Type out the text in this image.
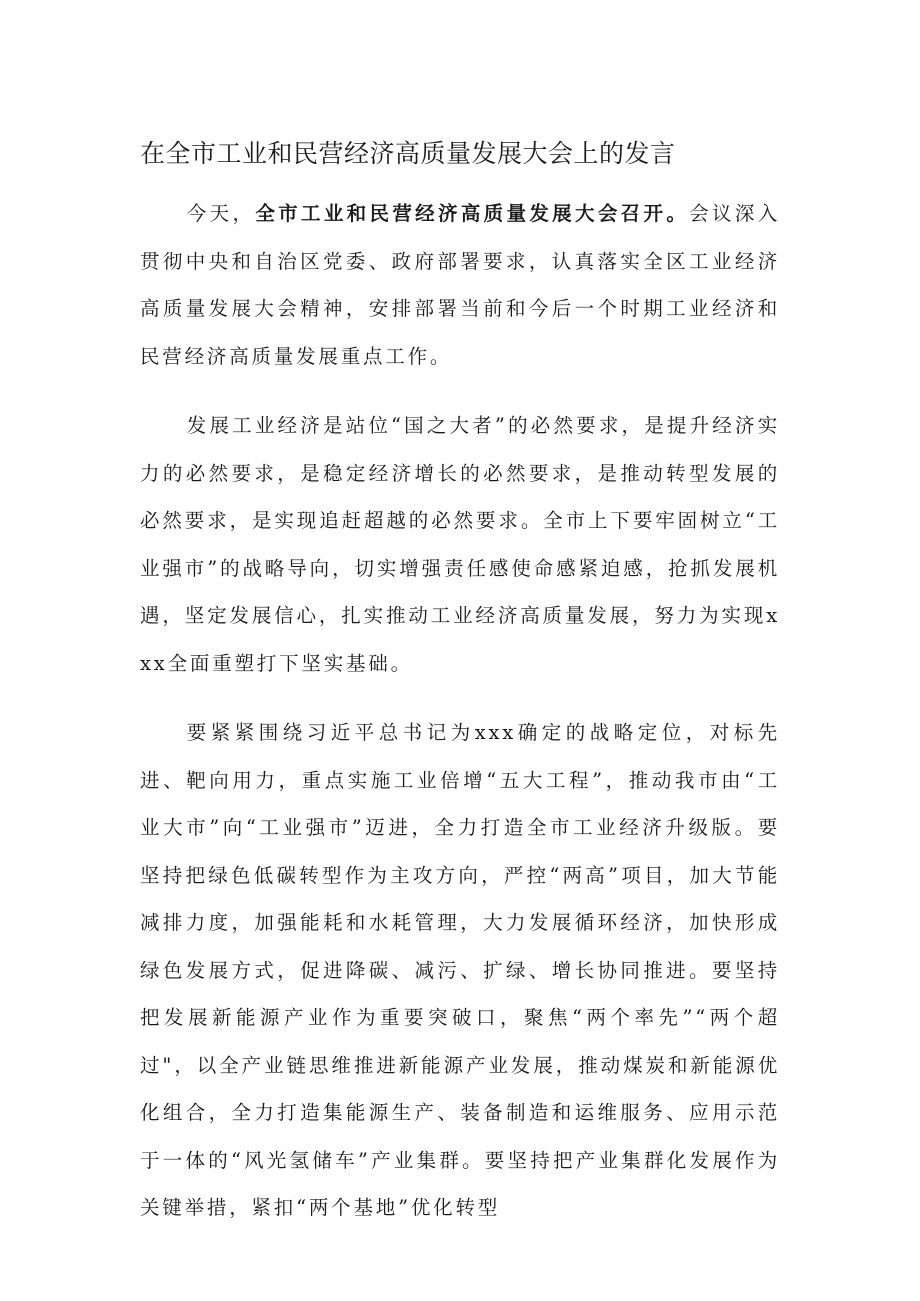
在全市工业和民营经济高质量发展大会上的发言

今天，全市工业和民营经济高质量发展大会召开。会议深入贯彻中央和自治区党委、政府部署要求，认真落实全区工业经济高质量发展大会精神，安排部署当前和今后一个时期工业经济和民营经济高质量发展重点工作。

发展工业经济是站位“国之大者”的必然要求，是提升经济实力的必然要求，是稳定经济增长的必然要求，是推动转型发展的必然要求，是实现追赶超越的必然要求。全市上下要牢固树立“工业强市”的战略导向，切实增强责任感使命感紧迫感，抢抓发展机遇，坚定发展信心，扎实推动工业经济高质量发展，努力为实现xxx全面重塑打下坚实基础。

要紧紧围绕习近平总书记为xxx确定的战略定位，对标先进、靶向用力，重点实施工业倍增“五大工程”，推动我市由“工业大市”向“工业强市”迈进，全力打造全市工业经济升级版。要坚持把绿色低碳转型作为主攻方向，严控“两高”项目，加大节能减排力度，加强能耗和水耗管理，大力发展循环经济，加快形成绿色发展方式，促进降碳、减污、扩绿、增长协同推进。要坚持把发展新能源产业作为重要突破口，聚焦“两个率先”“两个超过"，以全产业链思维推进新能源产业发展，推动煤炭和新能源优化组合，全力打造集能源生产、装备制造和运维服务、应用示范于一体的“风光氢储车”产业集群。要坚持把产业集群化发展作为关键举措，紧扣“两个基地”优化转型
